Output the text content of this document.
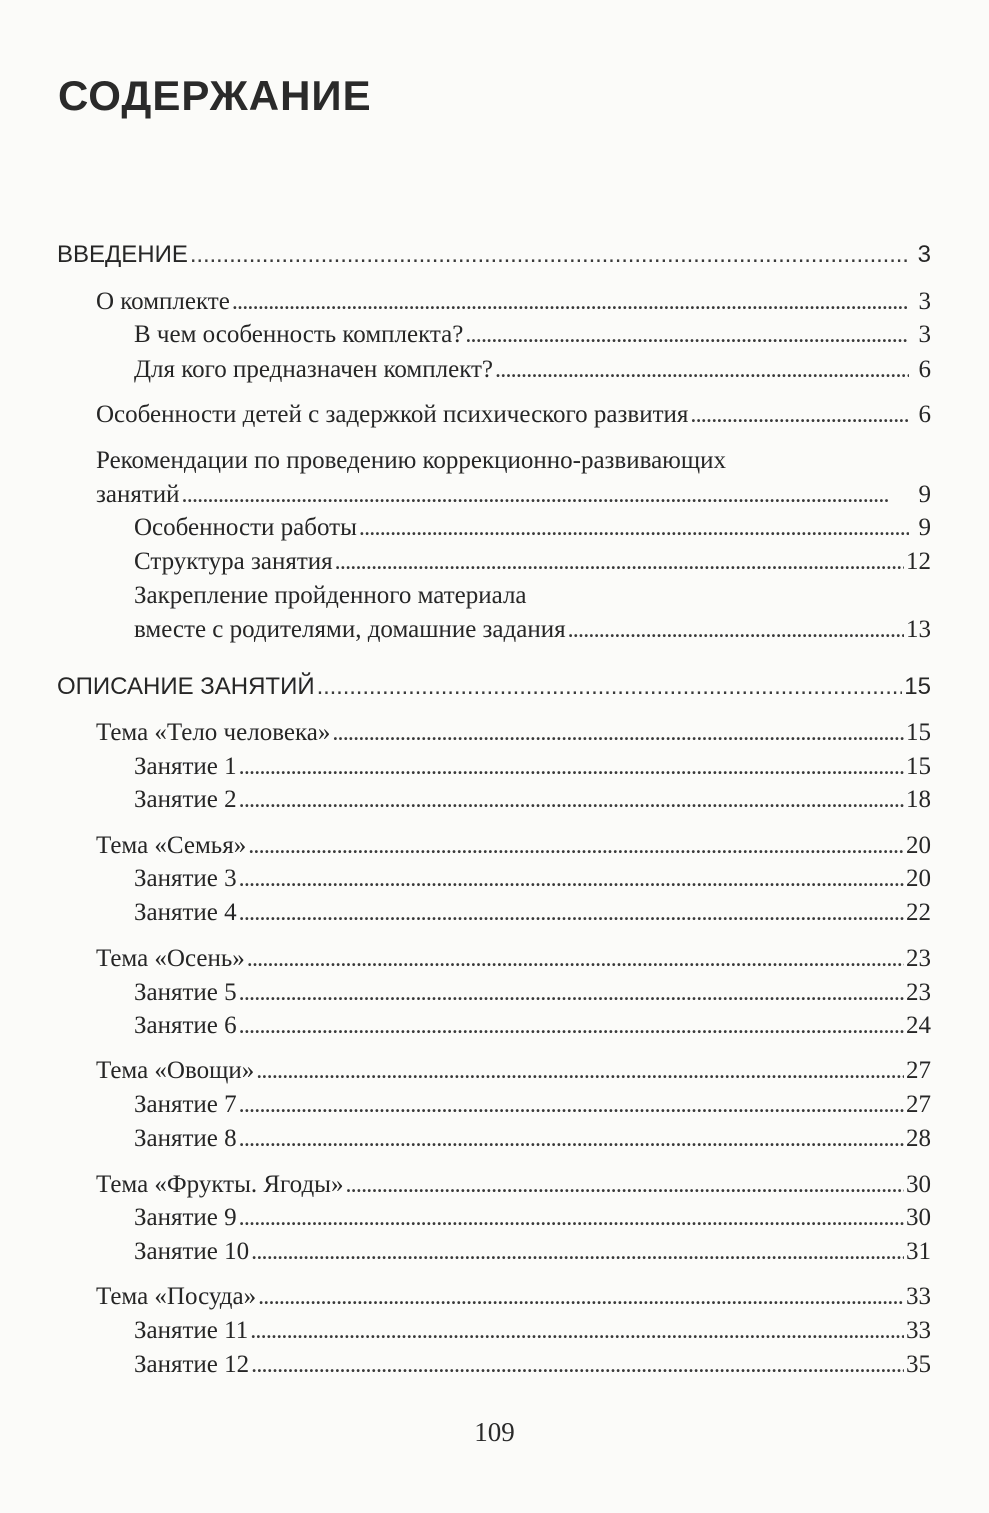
СОДЕРЖАНИЕ
ВВЕДЕНИЕ . . .	3
О комплекте . . .	3
В чем особенность комплекта? . . .	3
Для кого предназначен комплект? . . .	6
Особенности детей с задержкой психического развития . . .	6
Рекомендации по проведению коррекционно-развивающих
занятий . . .	9
Особенности работы . . .	9
Структура занятия . . .	12
Закрепление пройденного материала
вместе с родителями, домашние задания . . .	13
ОПИСАНИЕ ЗАНЯТИЙ . . .	15
Тема «Тело человека» . . .	15
Занятие 1 . . .	15
Занятие 2 . . .	18
Тема «Семья» . . .	20
Занятие 3 . . .	20
Занятие 4 . . .	22
Тема «Осень» . . .	23
Занятие 5 . . .	23
Занятие 6 . . .	24
Тема «Овощи» . . .	27
Занятие 7 . . .	27
Занятие 8 . . .	28
Тема «Фрукты. Ягоды» . . .	30
Занятие 9 . . .	30
Занятие 10 . . .	31
Тема «Посуда» . . .	33
Занятие 11 . . .	33
Занятие 12 . . .	35
109
